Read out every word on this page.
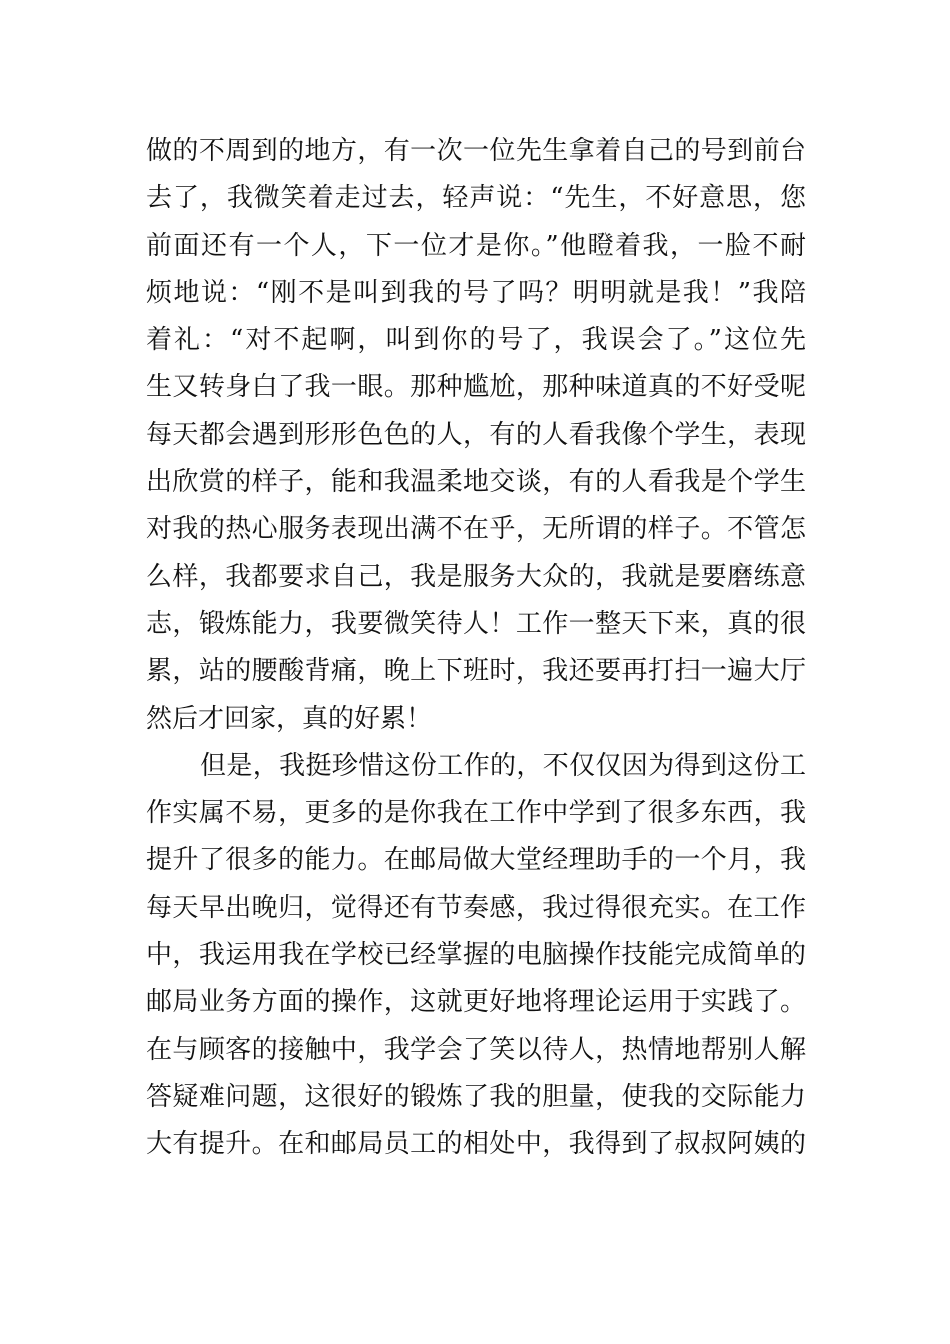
做的不周到的地方，有一次一位先生拿着自己的号到前台
去了，我微笑着走过去，轻声说：“先生，不好意思，您
前面还有一个人，下一位才是你。”他瞪着我，一脸不耐
烦地说：“刚不是叫到我的号了吗？明明就是我！”我陪
着礼：“对不起啊，叫到你的号了，我误会了。”这位先
生又转身白了我一眼。那种尴尬，那种味道真的不好受呢
每天都会遇到形形色色的人，有的人看我像个学生，表现
出欣赏的样子，能和我温柔地交谈，有的人看我是个学生
对我的热心服务表现出满不在乎，无所谓的样子。不管怎
么样，我都要求自己，我是服务大众的，我就是要磨练意
志，锻炼能力，我要微笑待人！工作一整天下来，真的很
累，站的腰酸背痛，晚上下班时，我还要再打扫一遍大厅
然后才回家，真的好累！
但是，我挺珍惜这份工作的，不仅仅因为得到这份工
作实属不易，更多的是你我在工作中学到了很多东西，我
提升了很多的能力。在邮局做大堂经理助手的一个月，我
每天早出晚归，觉得还有节奏感，我过得很充实。在工作
中，我运用我在学校已经掌握的电脑操作技能完成简单的
邮局业务方面的操作，这就更好地将理论运用于实践了。
在与顾客的接触中，我学会了笑以待人，热情地帮别人解
答疑难问题，这很好的锻炼了我的胆量，使我的交际能力
大有提升。在和邮局员工的相处中，我得到了叔叔阿姨的
